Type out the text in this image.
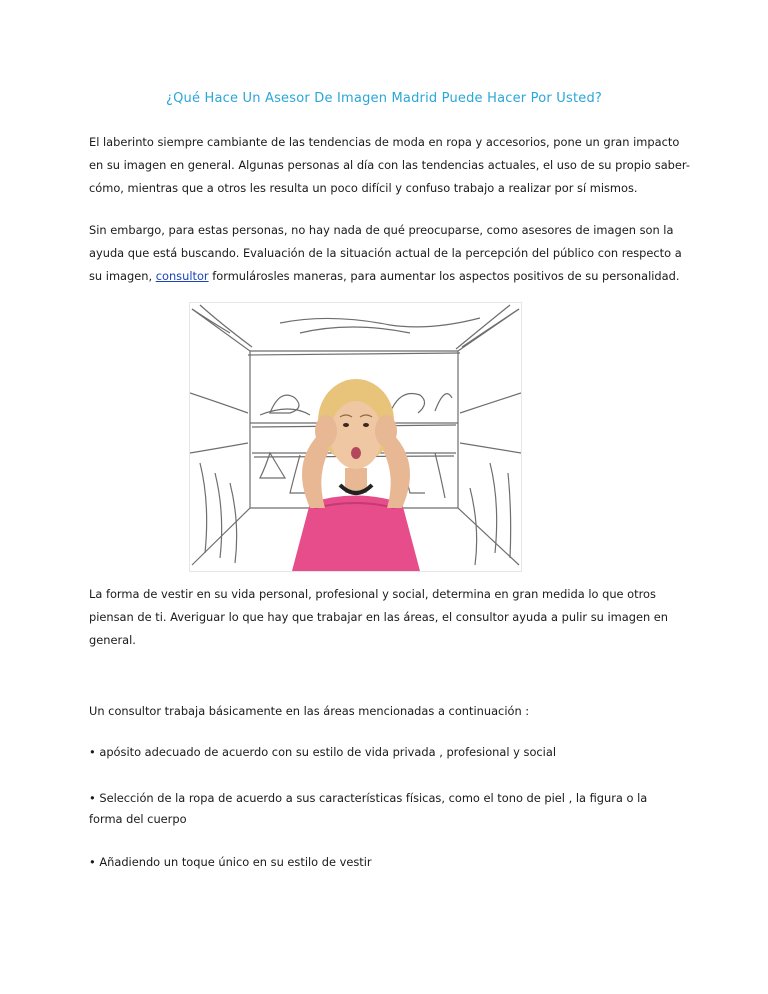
¿Qué Hace Un Asesor De Imagen Madrid Puede Hacer Por Usted?
El laberinto siempre cambiante de las tendencias de moda en ropa y accesorios, pone un gran impacto
en su imagen en general. Algunas personas al día con las tendencias actuales, el uso de su propio saber-
cómo, mientras que a otros les resulta un poco difícil y confuso trabajo a realizar por sí mismos.
Sin embargo, para estas personas, no hay nada de qué preocuparse, como asesores de imagen son la
ayuda que está buscando. Evaluación de la situación actual de la percepción del público con respecto a
su imagen, consultor formulárosles maneras, para aumentar los aspectos positivos de su personalidad.
La forma de vestir en su vida personal, profesional y social, determina en gran medida lo que otros
piensan de ti. Averiguar lo que hay que trabajar en las áreas, el consultor ayuda a pulir su imagen en
general.
Un consultor trabaja básicamente en las áreas mencionadas a continuación :
• apósito adecuado de acuerdo con su estilo de vida privada , profesional y social
• Selección de la ropa de acuerdo a sus características físicas, como el tono de piel , la figura o la
forma del cuerpo
• Añadiendo un toque único en su estilo de vestir
